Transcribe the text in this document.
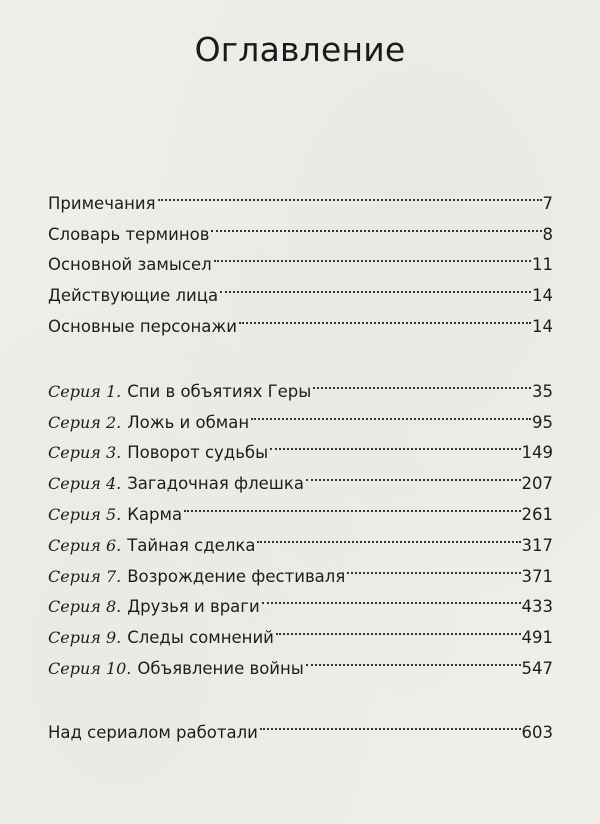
Оглавление
Примечания	7
Словарь терминов	8
Основной замысел	11
Действующие лица	14
Основные персонажи	14
Серия 1. Спи в объятиях Геры	35
Серия 2. Ложь и обман	95
Серия 3. Поворот судьбы	149
Серия 4. Загадочная флешка	207
Серия 5. Карма	261
Серия 6. Тайная сделка	317
Серия 7. Возрождение фестиваля	371
Серия 8. Друзья и враги	433
Серия 9. Следы сомнений	491
Серия 10. Объявление войны	547
Над сериалом работали	603
